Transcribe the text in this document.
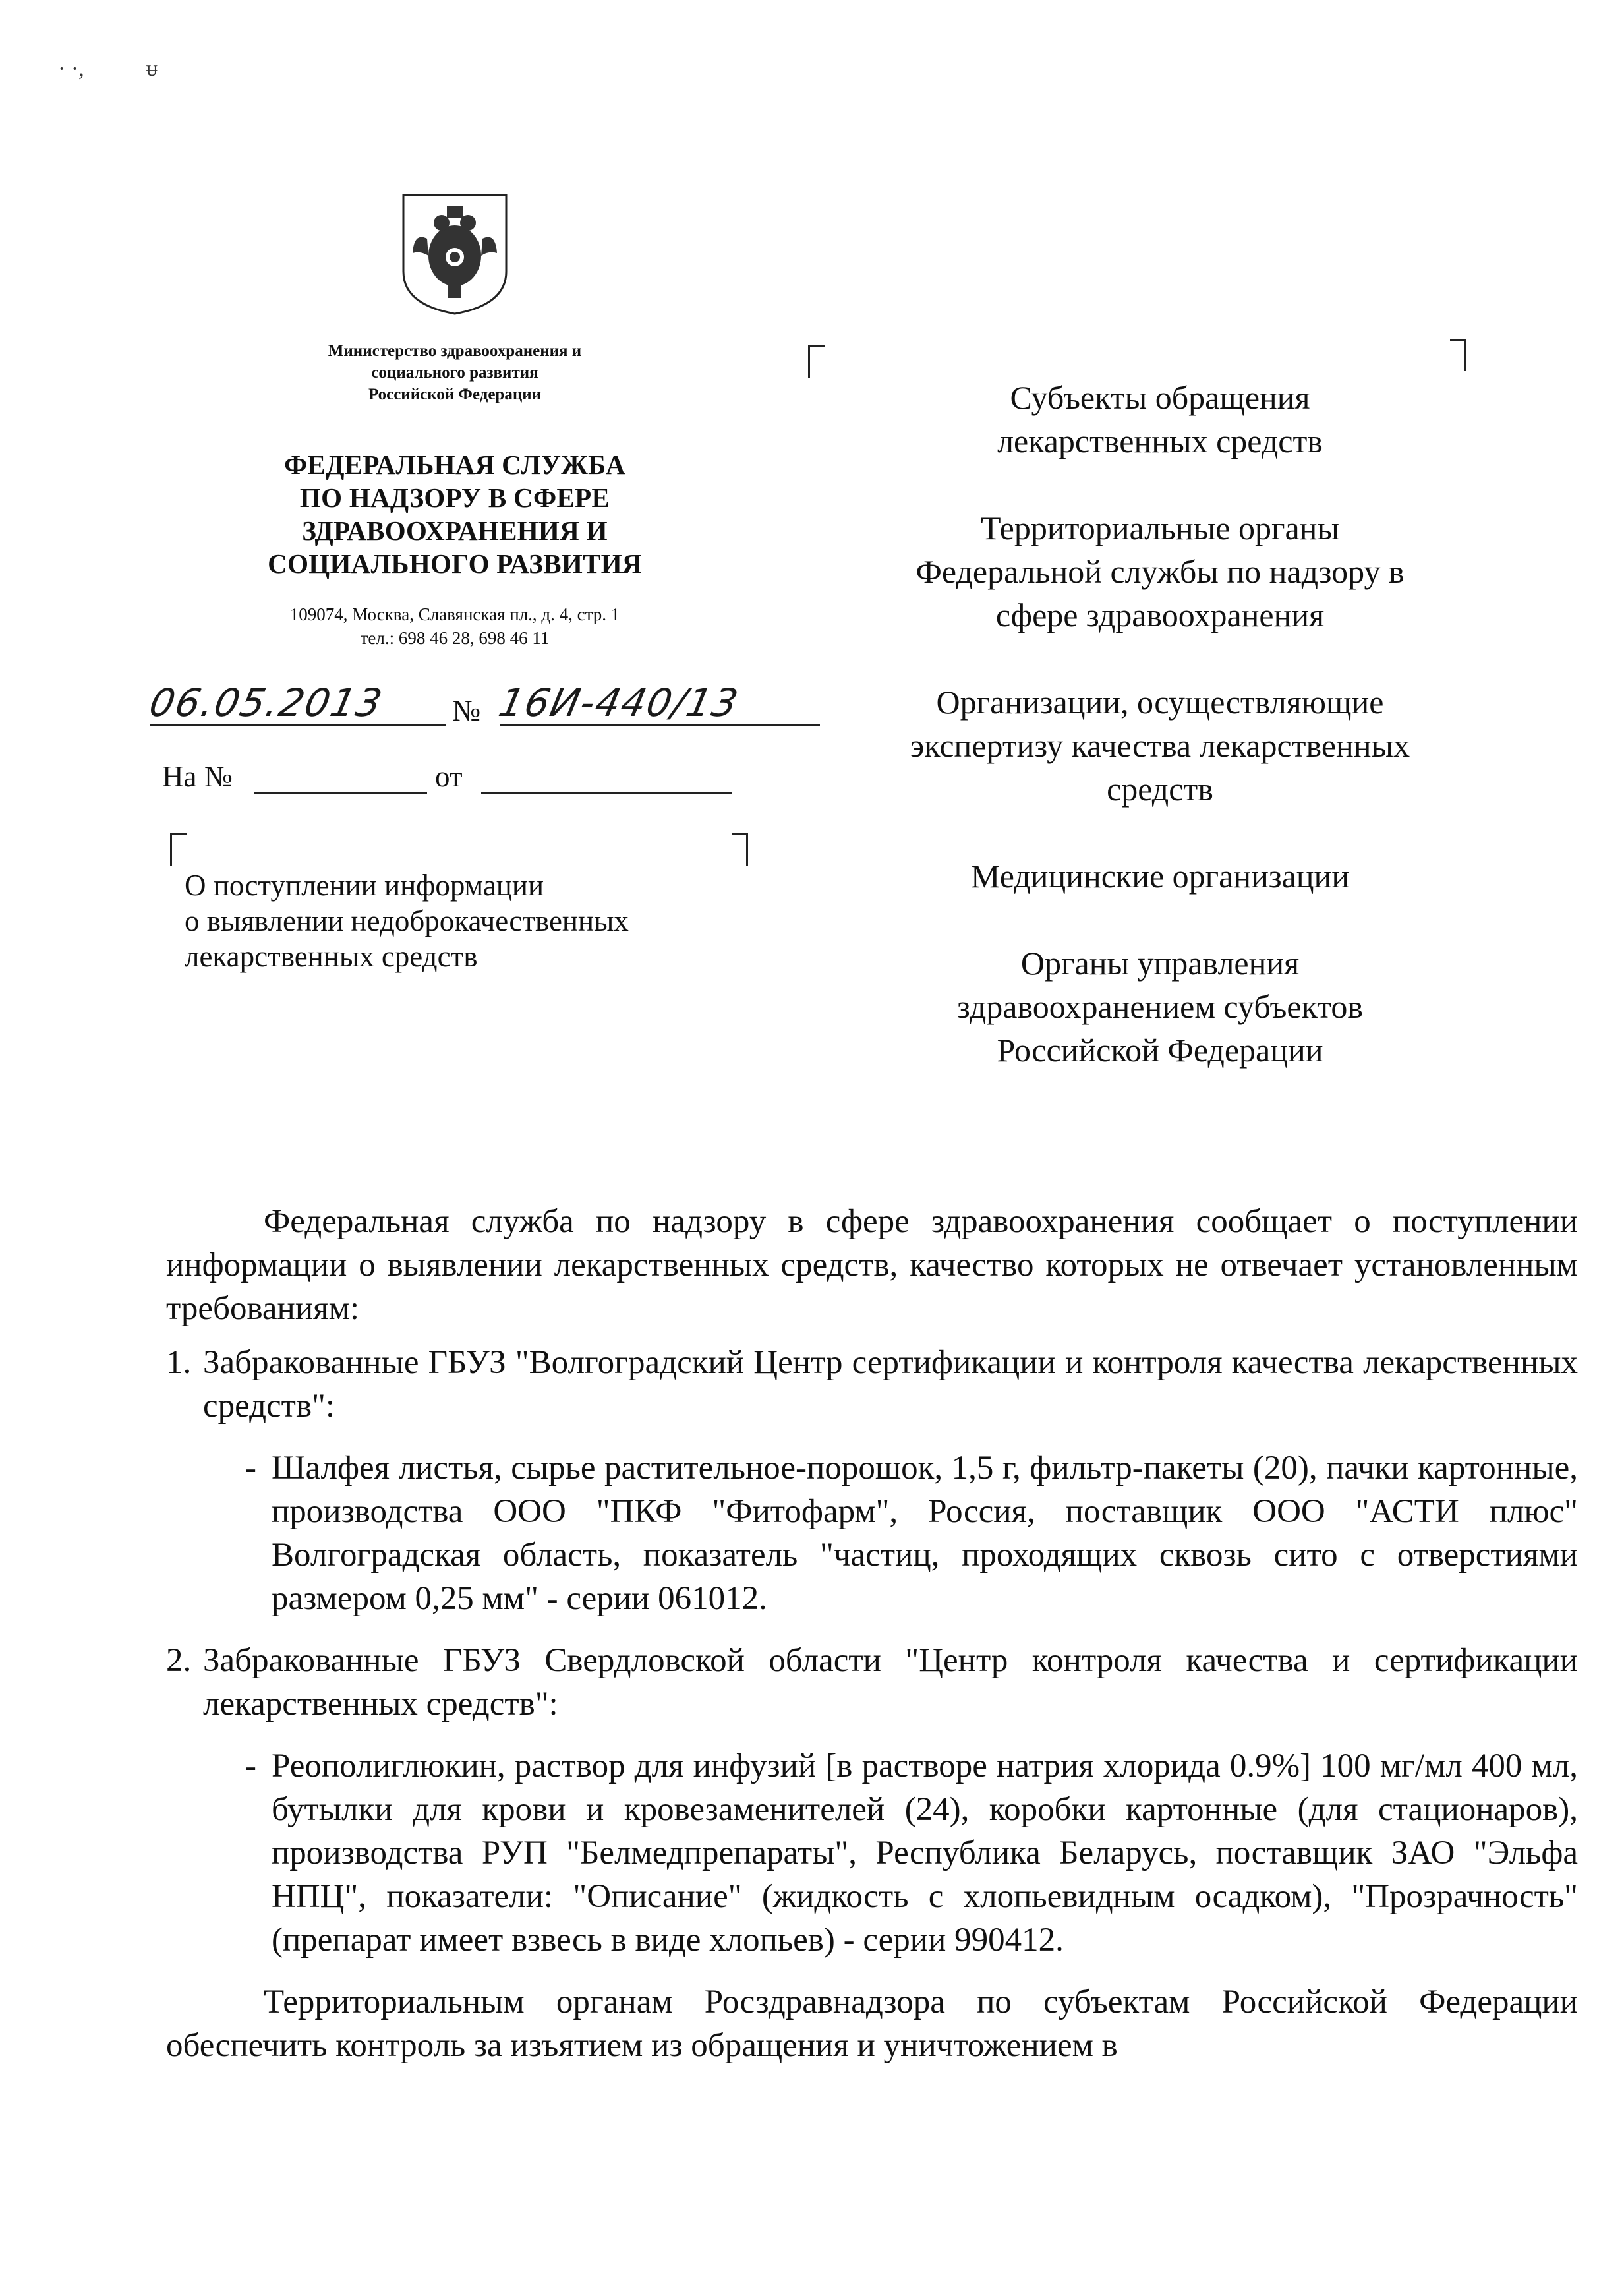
· ·,           ᵾ
Министерство здравоохранения и
социального развития
Российской Федерации
ФЕДЕРАЛЬНАЯ СЛУЖБА
ПО НАДЗОРУ В СФЕРЕ
ЗДРАВООХРАНЕНИЯ И
СОЦИАЛЬНОГО РАЗВИТИЯ
109074, Москва, Славянская пл., д. 4, стр. 1
тел.: 698 46 28, 698 46 11
06.05.2013	№ 16И-440/13
На №	от
О поступлении информации
о выявлении недоброкачественных
лекарственных средств
Субъекты обращения
лекарственных средств
Территориальные органы
Федеральной службы по надзору в
сфере здравоохранения
Организации, осуществляющие
экспертизу качества лекарственных
средств
Медицинские организации
Органы управления
здравоохранением субъектов
Российской Федерации

Федеральная служба по надзору в сфере здравоохранения сообщает о поступлении информации о выявлении лекарственных средств, качество которых не отвечает установленным требованиям:

1. Забракованные ГБУЗ "Волгоградский Центр сертификации и контроля качества лекарственных средств":

- Шалфея листья, сырье растительное-порошок, 1,5 г, фильтр-пакеты (20), пачки картонные, производства ООО "ПКФ "Фитофарм", Россия, поставщик ООО "АСТИ плюс" Волгоградская область, показатель "частиц, проходящих сквозь сито с отверстиями размером 0,25 мм" - серии 061012.

2. Забракованные ГБУЗ Свердловской области "Центр контроля качества и сертификации лекарственных средств":

- Реополиглюкин, раствор для инфузий [в растворе натрия хлорида 0.9%] 100 мг/мл 400 мл, бутылки для крови и кровезаменителей (24), коробки картонные (для стационаров), производства РУП "Белмедпрепараты", Республика Беларусь, поставщик ЗАО "Эльфа НПЦ", показатели: "Описание" (жидкость с хлопьевидным осадком), "Прозрачность" (препарат имеет взвесь в виде хлопьев) - серии 990412.

Территориальным органам Росздравнадзора по субъектам Российской Федерации обеспечить контроль за изъятием из обращения и уничтожением в
